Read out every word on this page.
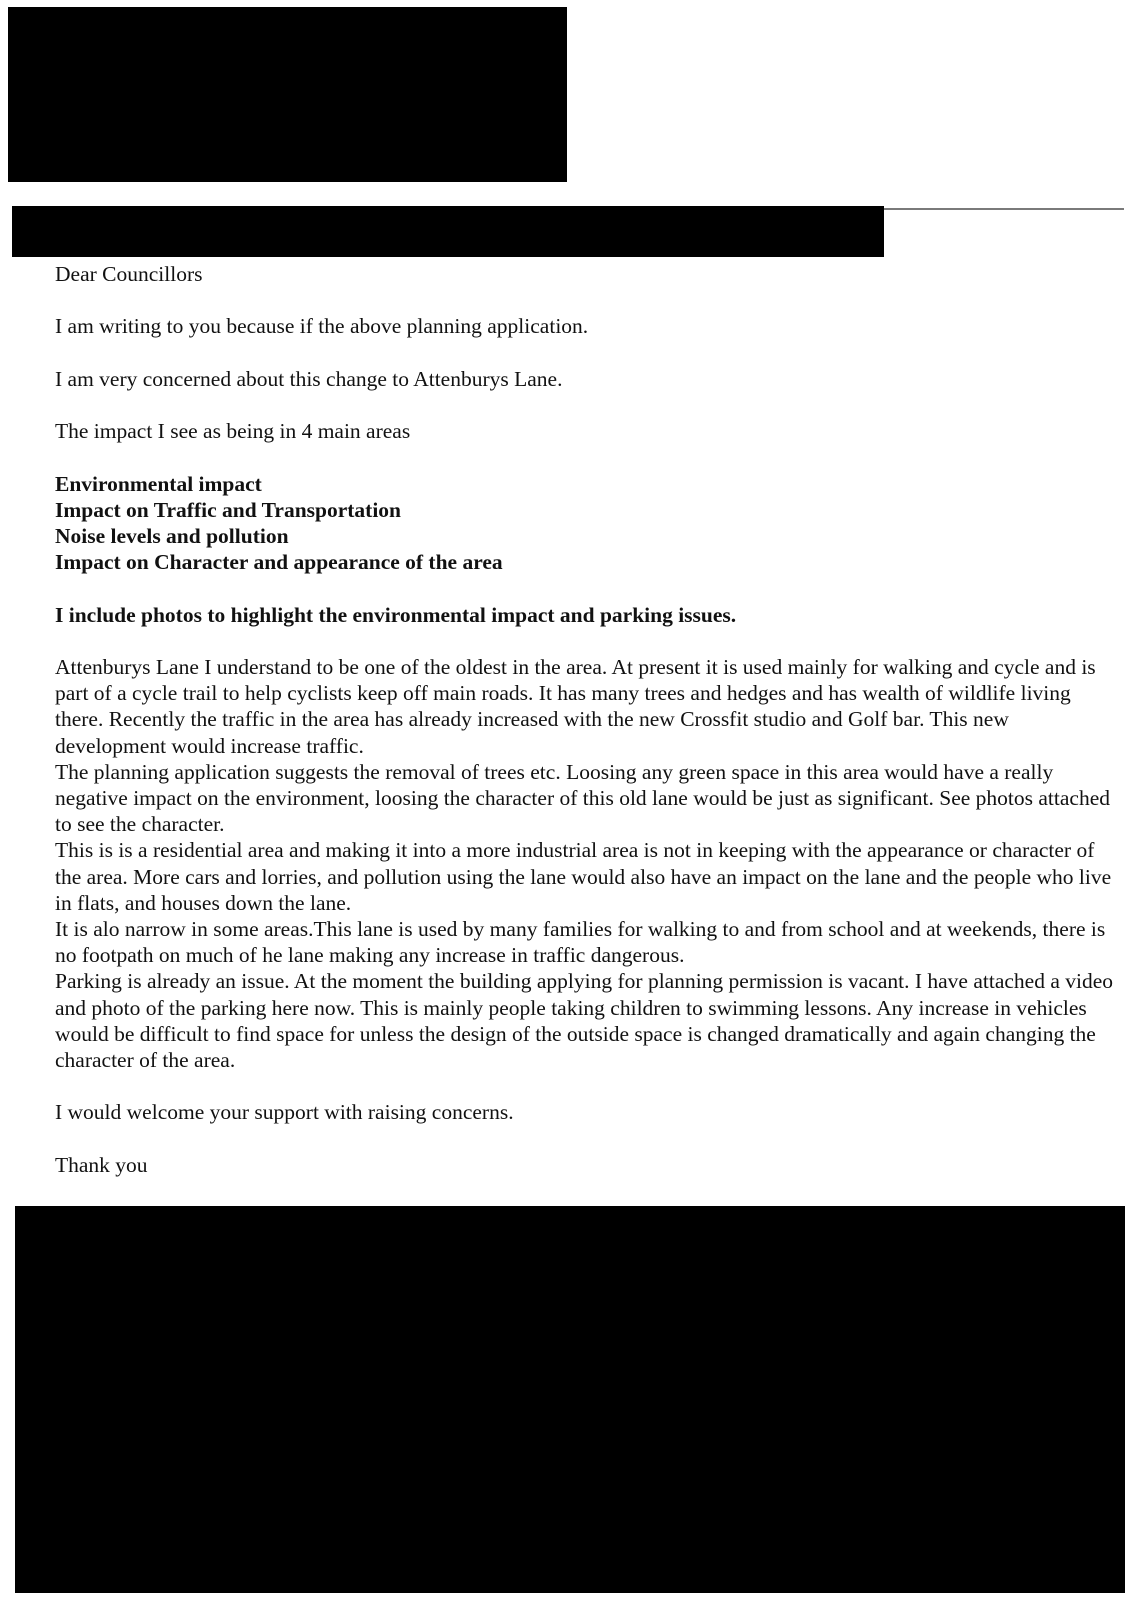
Dear Councillors

I am writing to you because if the above planning application.

I am very concerned about this change to Attenburys Lane.

The impact I see as being in 4 main areas

Environmental impact

Impact on Traffic and Transportation

Noise levels and pollution

Impact on Character and appearance of the area

I include photos to highlight the environmental impact and parking issues.

Attenburys Lane I understand to be one of the oldest in the area. At present it is used mainly for walking and cycle and is part of a cycle trail to help cyclists keep off main roads. It has many trees and hedges and has wealth of wildlife living there. Recently the traffic in the area has already increased with the new Crossfit studio and Golf bar. This new development would increase traffic.

The planning application suggests the removal of trees etc. Loosing any green space in this area would have a really negative impact on the environment, loosing the character of this old lane would be just as significant. See photos attached to see the character.

This is is a residential area and making it into a more industrial area is not in keeping with the appearance or character of the area. More cars and lorries, and pollution using the lane would also have an impact on the lane and the people who live in flats, and houses down the lane.

It is alo narrow in some areas.This lane is used by many families for walking to and from school and at weekends, there is no footpath on much of he lane making any increase in traffic dangerous.

Parking is already an issue. At the moment the building applying for planning permission is vacant. I have attached a video and photo of the parking here now. This is mainly people taking children to swimming lessons. Any increase in vehicles would be difficult to find space for unless the design of the outside space is changed dramatically and again changing the character of the area.

I would welcome your support with raising concerns.

Thank you
